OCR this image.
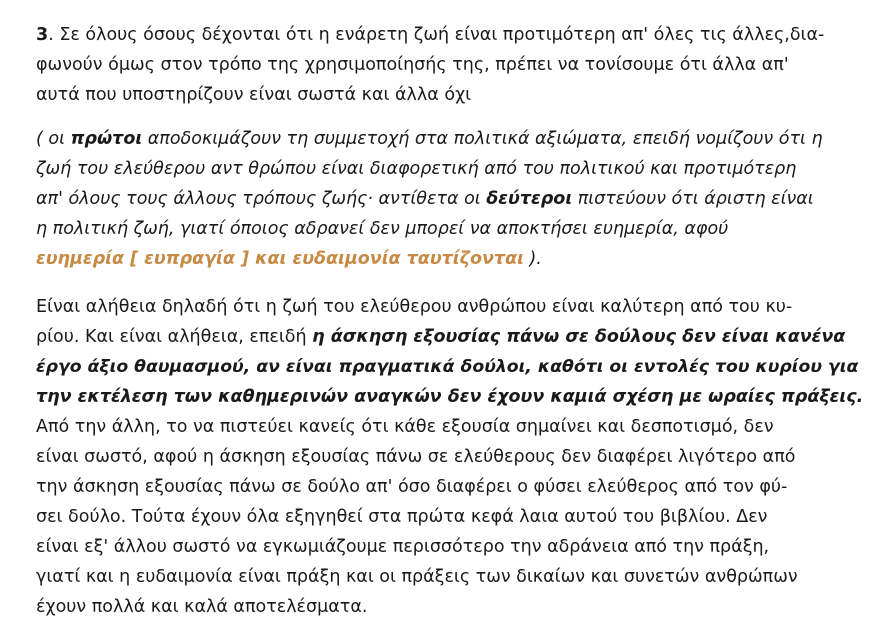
3. Σε όλους όσους δέχονται ότι η ενάρετη ζωή είναι προτιμότερη απ' όλες τις άλλες,δια-
φωνούν όμως στον τρόπο της χρησιμοποίησής της, πρέπει να τονίσουμε ότι άλλα απ'
αυτά που υποστηρίζουν είναι σωστά και άλλα όχι

( οι πρώτοι αποδοκιμάζουν τη συμμετοχή στα πολιτικά αξιώματα, επειδή νομίζουν ότι η
ζωή του ελεύθερου αντ θρώπου είναι διαφορετική από του πολιτικού και προτιμότερη
απ' όλους τους άλλους τρόπους ζωής· αντίθετα οι δεύτεροι πιστεύουν ότι άριστη είναι
η πολιτική ζωή, γιατί όποιος αδρανεί δεν μπορεί να αποκτήσει ευημερία, αφού
ευημερία [ ευπραγία ] και ευδαιμονία ταυτίζονται ).

Είναι αλήθεια δηλαδή ότι η ζωή του ελεύθερου ανθρώπου είναι καλύτερη από του κυ-
ρίου. Και είναι αλήθεια, επειδή η άσκηση εξουσίας πάνω σε δούλους δεν είναι κανένα
έργο άξιο θαυμασμού, αν είναι πραγματικά δούλοι, καθότι οι εντολές του κυρίου για
την εκτέλεση των καθημερινών αναγκών δεν έχουν καμιά σχέση με ωραίες πράξεις.
Από την άλλη, το να πιστεύει κανείς ότι κάθε εξουσία σημαίνει και δεσποτισμό, δεν
είναι σωστό, αφού η άσκηση εξουσίας πάνω σε ελεύθερους δεν διαφέρει λιγότερο από
την άσκηση εξουσίας πάνω σε δούλο απ' όσο διαφέρει ο φύσει ελεύθερος από τον φύ-
σει δούλο. Τούτα έχουν όλα εξηγηθεί στα πρώτα κεφά λαια αυτού του βιβλίου. Δεν
είναι εξ' άλλου σωστό να εγκωμιάζουμε περισσότερο την αδράνεια από την πράξη,
γιατί και η ευδαιμονία είναι πράξη και οι πράξεις των δικαίων και συνετών ανθρώπων
έχουν πολλά και καλά αποτελέσματα.
